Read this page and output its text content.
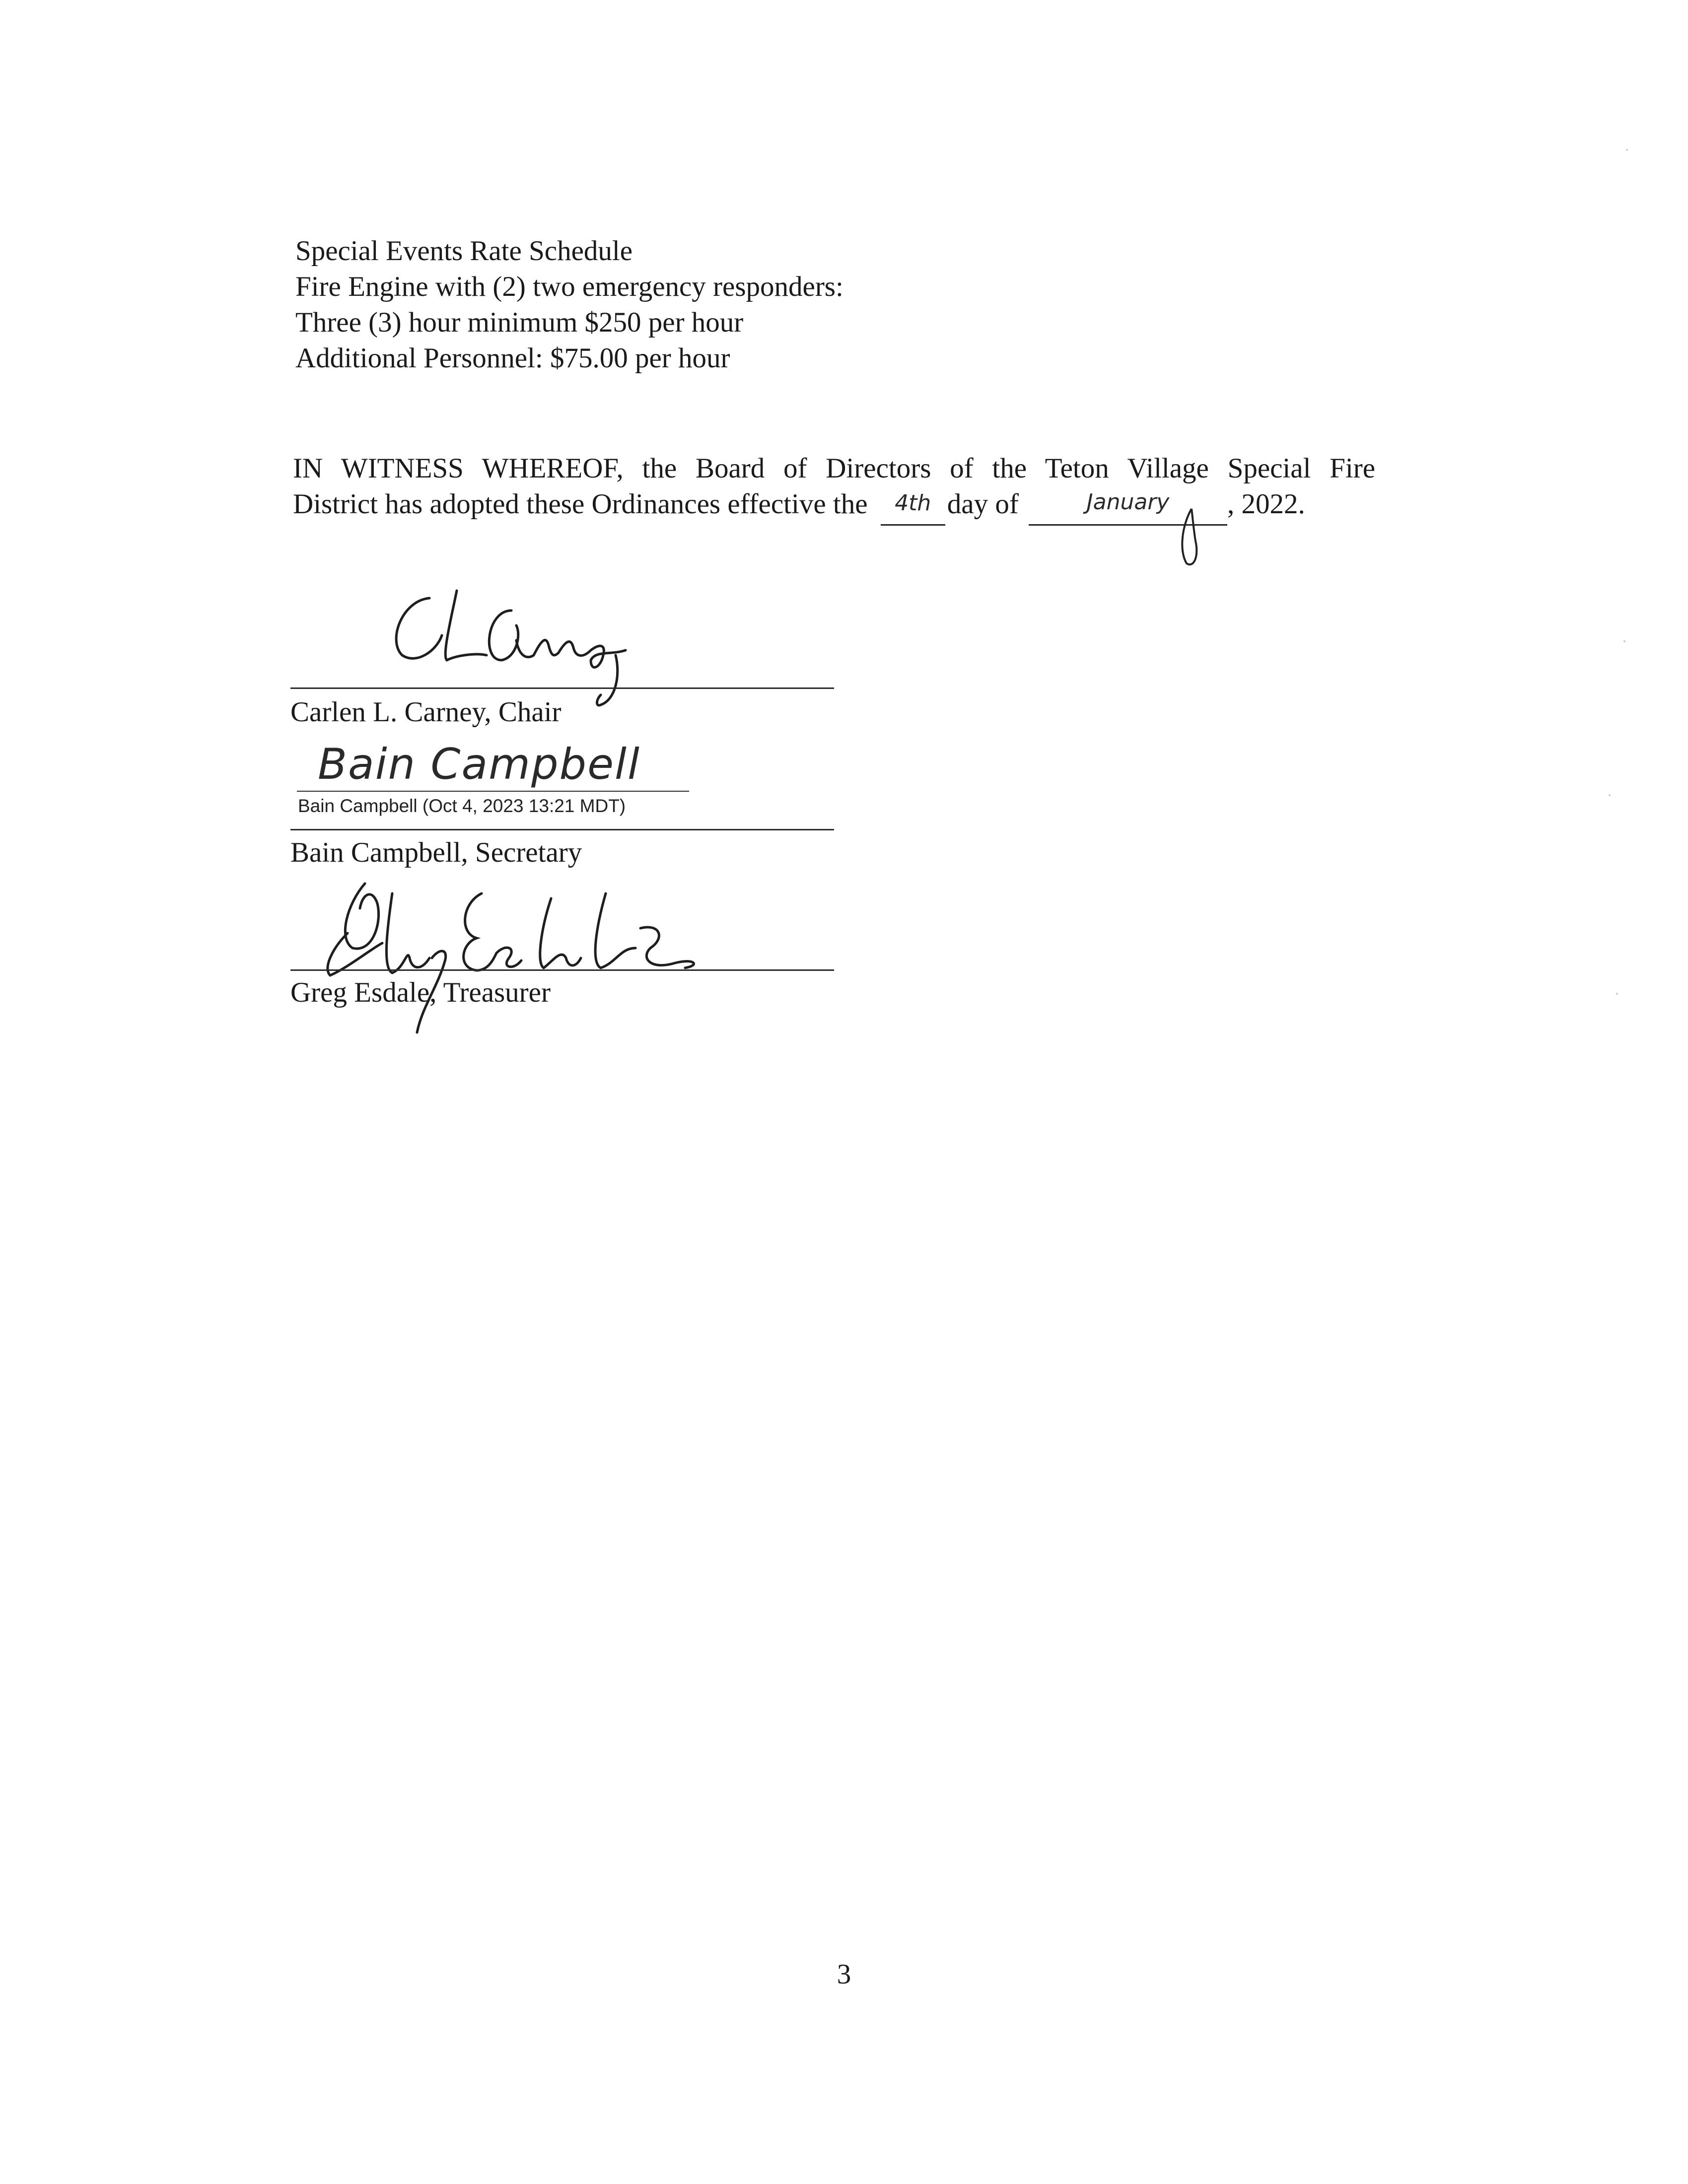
Special Events Rate Schedule
Fire Engine with (2) two emergency responders:
Three (3) hour minimum $250 per hour
Additional Personnel: $75.00 per hour
IN WITNESS WHEREOF, the Board of Directors of the Teton Village Special Fire
District has adopted these Ordinances effective the 4th day of	January , 2022.
Carlen L. Carney, Chair
Bain Campbell
Bain Campbell (Oct 4, 2023 13:21 MDT)
Bain Campbell, Secretary
Greg Esdale, Treasurer
3
